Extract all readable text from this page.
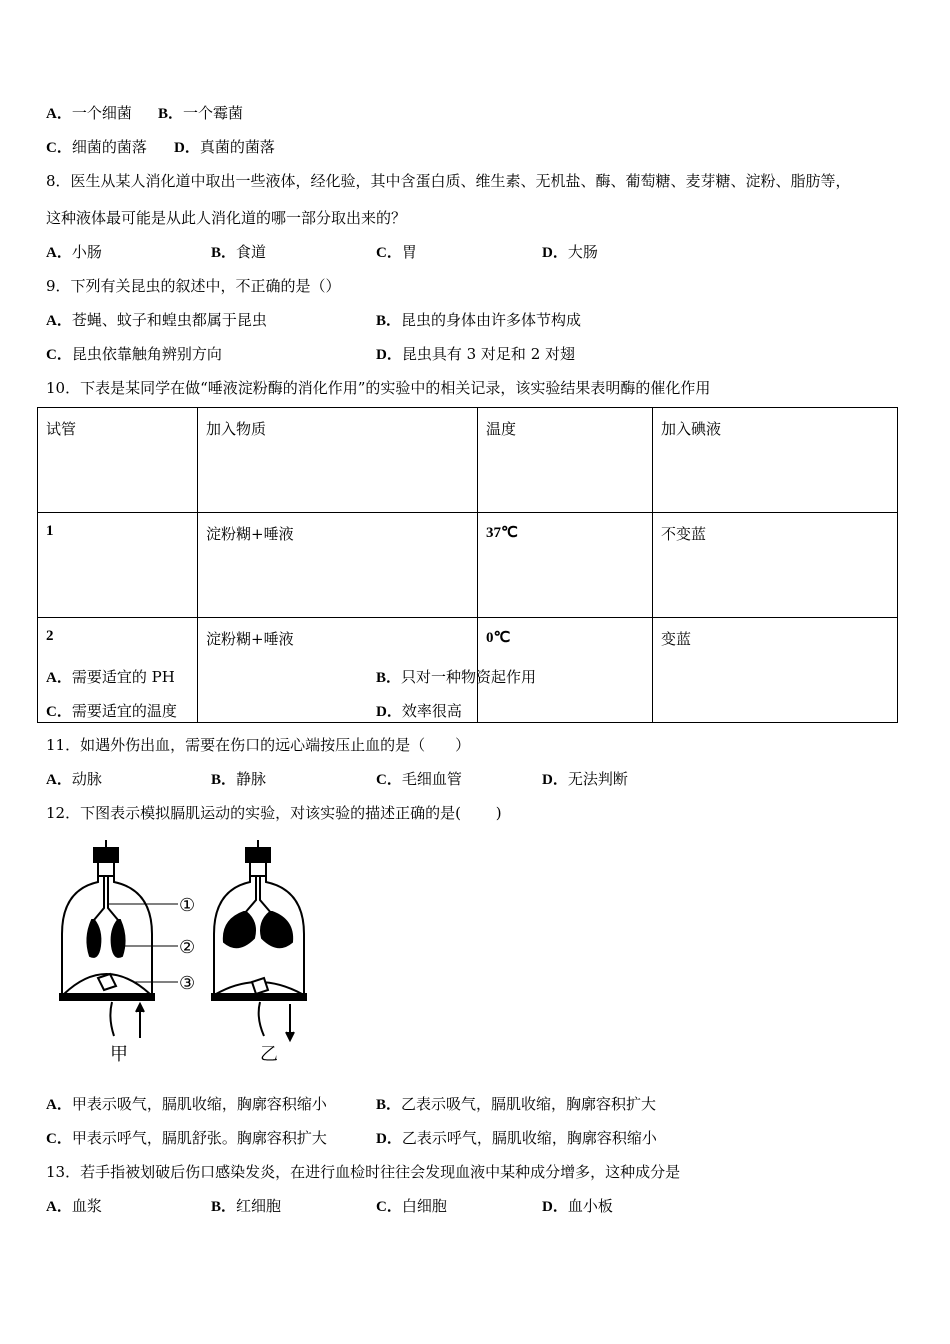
A．一个细菌 B．一个霉菌
C．细菌的菌落 D．真菌的菌落
8．医生从某人消化道中取出一些液体，经化验，其中含蛋白质、维生素、无机盐、酶、葡萄糖、麦芽糖、淀粉、脂肪等，
这种液体最可能是从此人消化道的哪一部分取出来的？
A．小肠	B．食道	C．胃	D．大肠
9．下列有关昆虫的叙述中，不正确的是（）
A．苍蝇、蚊子和蝗虫都属于昆虫	B．昆虫的身体由许多体节构成
C．昆虫依靠触角辨别方向	D．昆虫具有 3 对足和 2 对翅
10．下表是某同学在做“唾液淀粉酶的消化作用”的实验中的相关记录，该实验结果表明酶的催化作用
试管	加入物质	温度	加入碘液
1	淀粉糊+唾液	37℃	不变蓝
2	淀粉糊+唾液	0℃	变蓝
A．需要适宜的 PH	B．只对一种物资起作用
C．需要适宜的温度	D．效率很高
11．如遇外伤出血，需要在伤口的远心端按压止血的是（　　）
A．动脉	B．静脉	C．毛细血管	D．无法判断
12．下图表示模拟膈肌运动的实验，对该实验的描述正确的是(　　 )
①
②
③
甲	乙
A．甲表示吸气，膈肌收缩，胸廓容积缩小	B．乙表示吸气，膈肌收缩，胸廓容积扩大
C．甲表示呼气，膈肌舒张。胸廓容积扩大	D．乙表示呼气，膈肌收缩，胸廓容积缩小
13．若手指被划破后伤口感染发炎，在进行血检时往往会发现血液中某种成分增多，这种成分是
A．血浆	B．红细胞	C．白细胞	D．血小板
